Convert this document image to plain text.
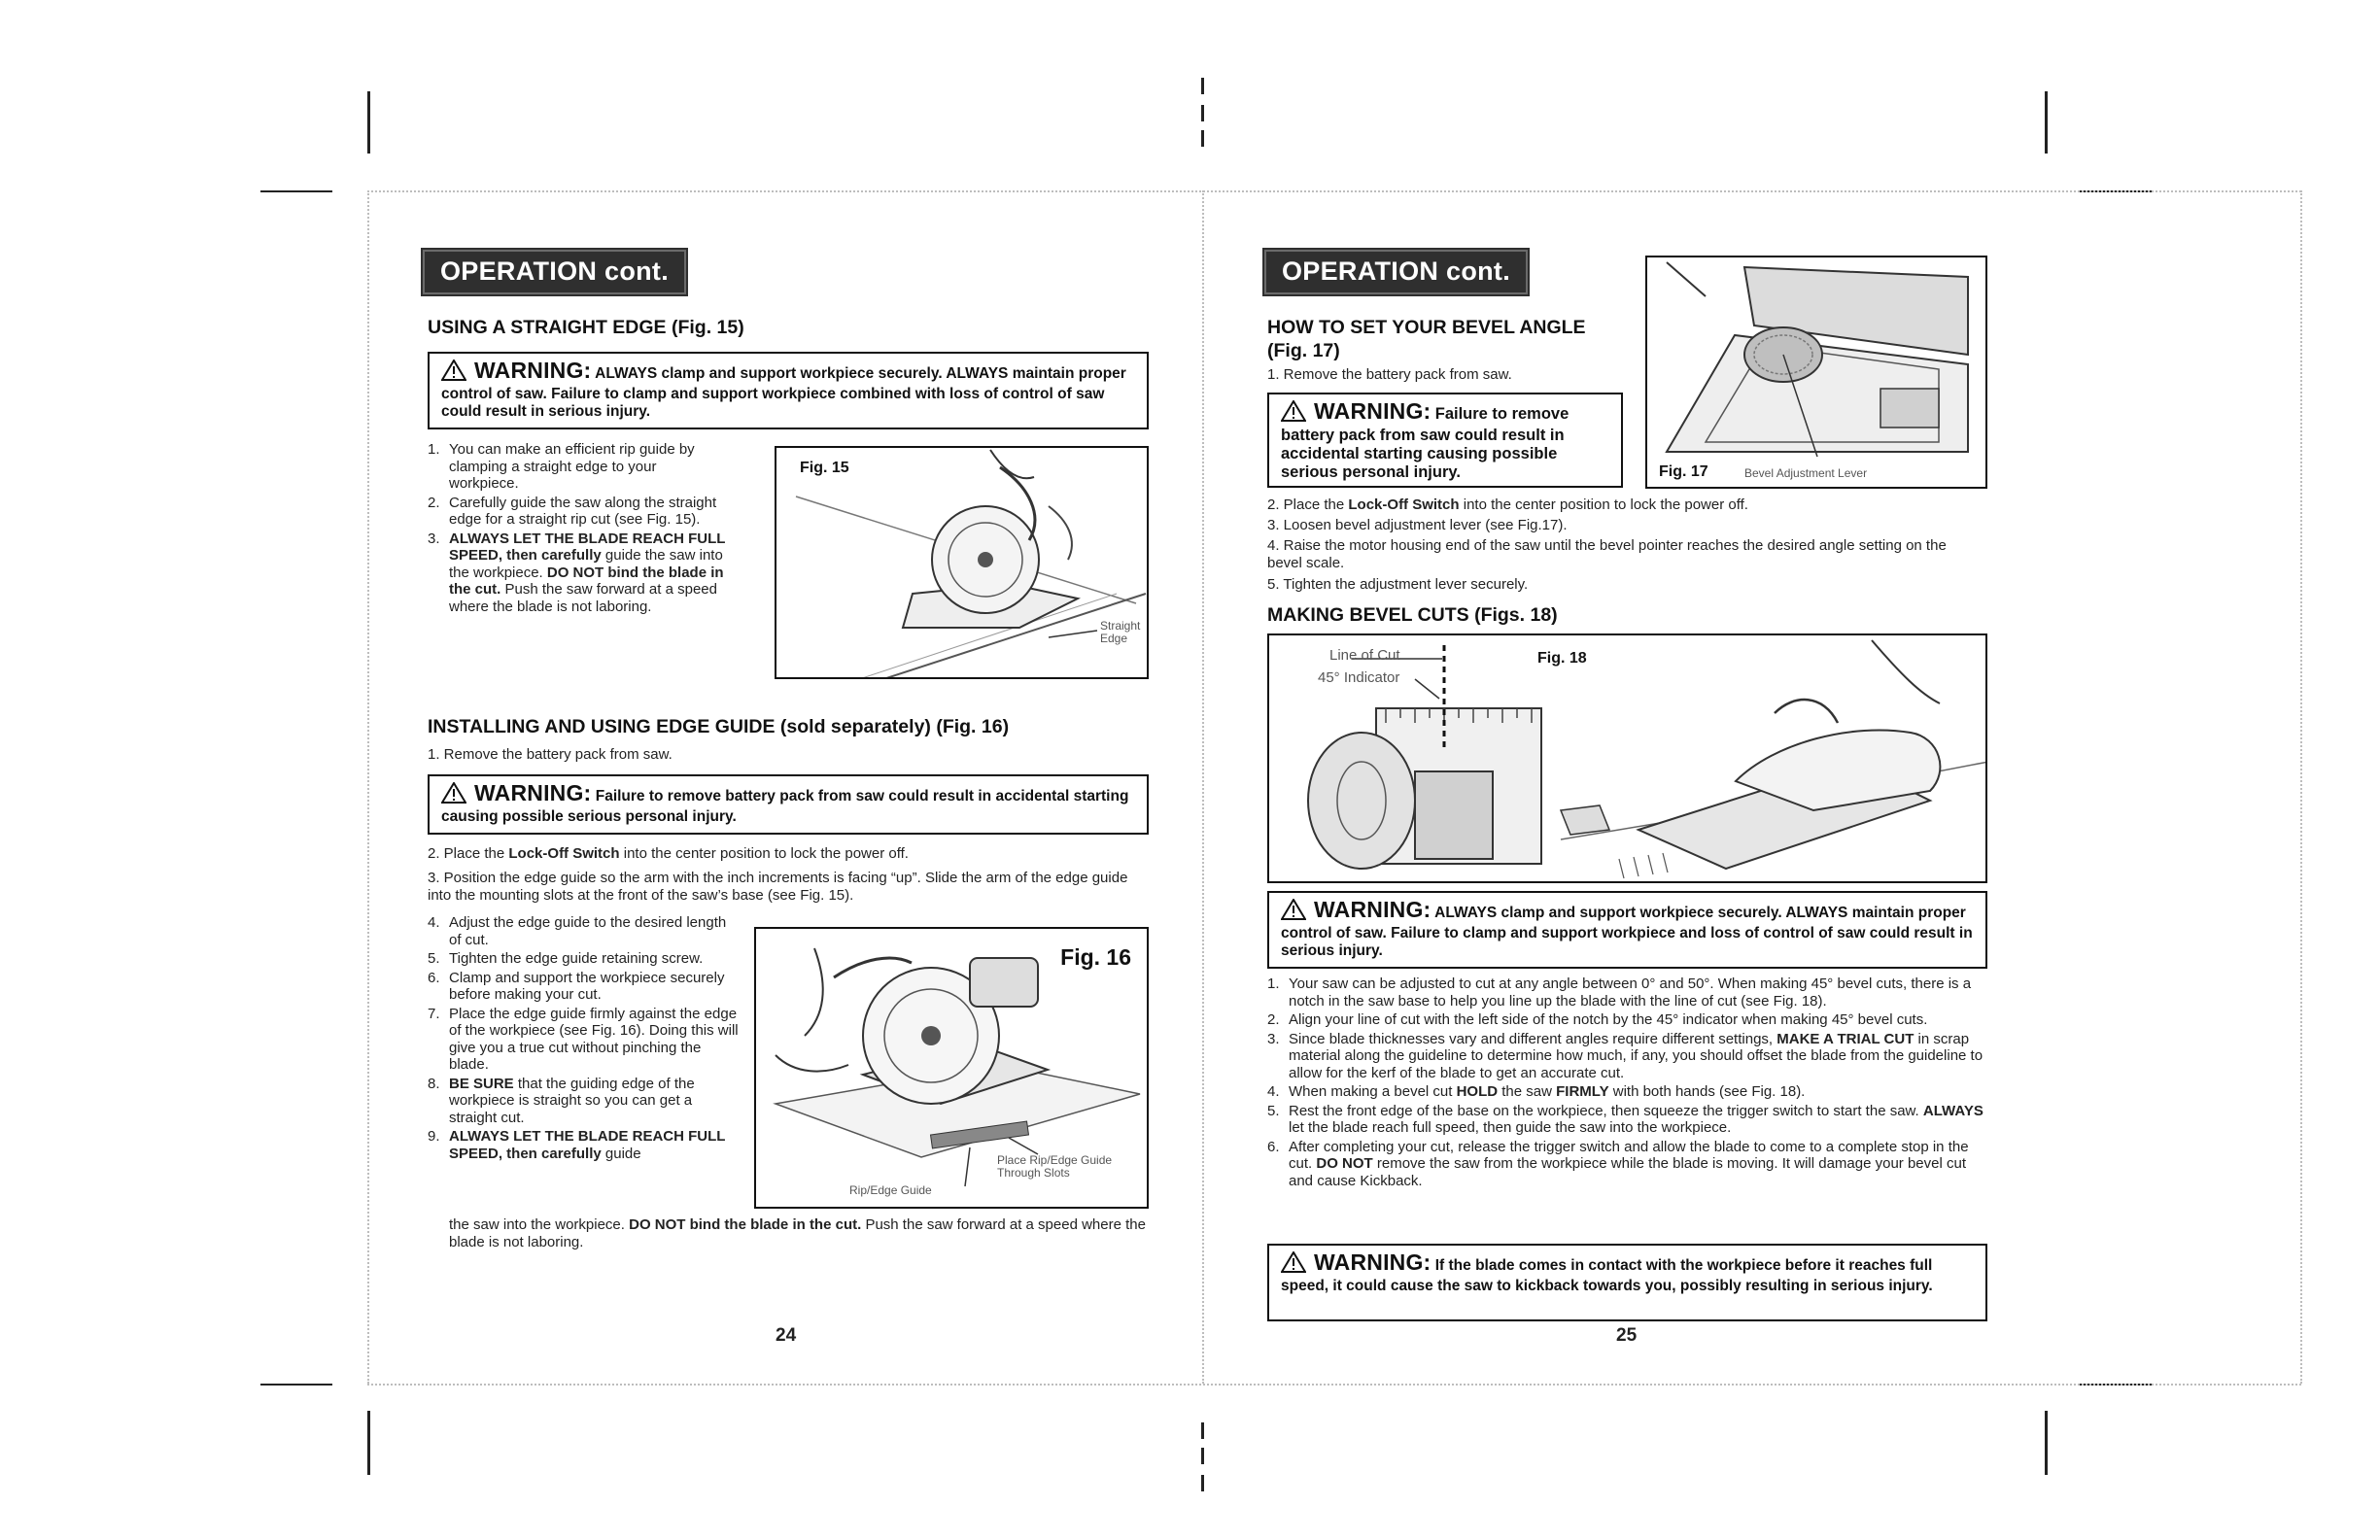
OPERATION cont.
USING A STRAIGHT EDGE (Fig. 15)
WARNING: ALWAYS clamp and support workpiece securely. ALWAYS maintain proper control of saw. Failure to clamp and support workpiece combined with loss of control of saw could result in serious injury.
1. You can make an efficient rip guide by clamping a straight edge to your workpiece.
2. Carefully guide the saw along the straight edge for a straight rip cut (see Fig. 15).
3. ALWAYS LET THE BLADE REACH FULL SPEED, then carefully guide the saw into the workpiece. DO NOT bind the blade in the cut. Push the saw forward at a speed where the blade is not laboring.
Fig. 15
Straight Edge
INSTALLING AND USING EDGE GUIDE (sold separately) (Fig. 16)
1. Remove the battery pack from saw.
WARNING: Failure to remove battery pack from saw could result in accidental starting causing possible serious personal injury.
2. Place the Lock-Off Switch into the center position to lock the power off.
3. Position the edge guide so the arm with the inch increments is facing “up”. Slide the arm of the edge guide into the mounting slots at the front of the saw’s base (see Fig. 15).
4. Adjust the edge guide to the desired length of cut.
5. Tighten the edge guide retaining screw.
6. Clamp and support the workpiece securely before making your cut.
7. Place the edge guide firmly against the edge of the workpiece (see Fig. 16). Doing this will give you a true cut without pinching the blade.
8. BE SURE that the guiding edge of the workpiece is straight so you can get a straight cut.
9. ALWAYS LET THE BLADE REACH FULL SPEED, then carefully guide
the saw into the workpiece. DO NOT bind the blade in the cut. Push the saw forward at a speed where the blade is not laboring.
Fig. 16
Place Rip/Edge Guide Through Slots
Rip/Edge Guide
24
OPERATION cont.
HOW TO SET YOUR BEVEL ANGLE (Fig. 17)
1. Remove the battery pack from saw.
WARNING: Failure to remove battery pack from saw could result in accidental starting causing possible serious personal injury.	Fig. 17	Bevel Adjustment Lever
2. Place the Lock-Off Switch into the center position to lock the power off.
3. Loosen bevel adjustment lever (see Fig.17).
4. Raise the motor housing end of the saw until the bevel pointer reaches the desired angle setting on the bevel scale.
5. Tighten the adjustment lever securely.
MAKING BEVEL CUTS (Figs. 18)
Line of Cut
45° Indicator
Fig. 18
WARNING: ALWAYS clamp and support workpiece securely. ALWAYS maintain proper control of saw. Failure to clamp and support workpiece and loss of control of saw could result in serious injury.
1. Your saw can be adjusted to cut at any angle between 0° and 50°. When making 45° bevel cuts, there is a notch in the saw base to help you line up the blade with the line of cut (see Fig. 18).
2. Align your line of cut with the left side of the notch by the 45° indicator when making 45° bevel cuts.
3. Since blade thicknesses vary and different angles require different settings, MAKE A TRIAL CUT in scrap material along the guideline to determine how much, if any, you should offset the blade from the guideline to allow for the kerf of the blade to get an accurate cut.
4. When making a bevel cut HOLD the saw FIRMLY with both hands (see Fig. 18).
5. Rest the front edge of the base on the workpiece, then squeeze the trigger switch to start the saw. ALWAYS let the blade reach full speed, then guide the saw into the workpiece.
6. After completing your cut, release the trigger switch and allow the blade to come to a complete stop in the cut. DO NOT remove the saw from the workpiece while the blade is moving. It will damage your bevel cut and cause Kickback.
WARNING: If the blade comes in contact with the workpiece before it reaches full speed, it could cause the saw to kickback towards you, possibly resulting in serious injury.
25
